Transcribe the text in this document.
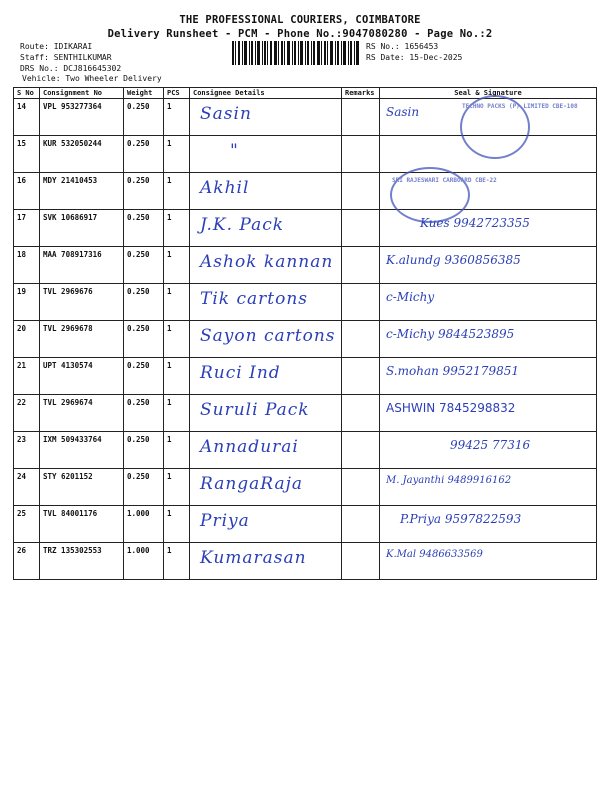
THE PROFESSIONAL COURIERS, COIMBATORE
Delivery Runsheet - PCM - Phone No.:9047080280 - Page No.:2
Route: IDIKARAI
Staff: SENTHILKUMAR
DRS No.: DCJ816645302
Vehicle: Two Wheeler Delivery
RS No.: 1656453
RS Date: 15-Dec-2025
S No	Consignment No	Weight	PCS	Consignee Details	Remarks	Seal & Signature
14	VPL 953277364	0.250	1	Sasin		Sasin TECHNO PACKS (P) LIMITED CBE-108

15	KUR 532050244	0.250	1	"		

16	MDY 21410453	0.250	1	Akhil		SRI RAJESWARI CARBOARD CBE-22

17	SVK 10686917	0.250	1	J.K. Pack		Kues 9942723355

18	MAA 708917316	0.250	1	Ashok kannan		K.alundg 9360856385

19	TVL 2969676	0.250	1	Tik cartons		c-Michy

20	TVL 2969678	0.250	1	Sayon cartons		c-Michy 9844523895

21	UPT 4130574	0.250	1	Ruci Ind		S.mohan 9952179851

22	TVL 2969674	0.250	1	Suruli Pack		ASHWIN 7845298832

23	IXM 509433764	0.250	1	Annadurai		99425 77316

24	STY 6201152	0.250	1	RangaRaja		M. Jayanthi 9489916162

25	TVL 84001176	1.000	1	Priya		P.Priya 9597822593

26	TRZ 135302553	1.000	1	Kumarasan		K.Mal 9486633569
